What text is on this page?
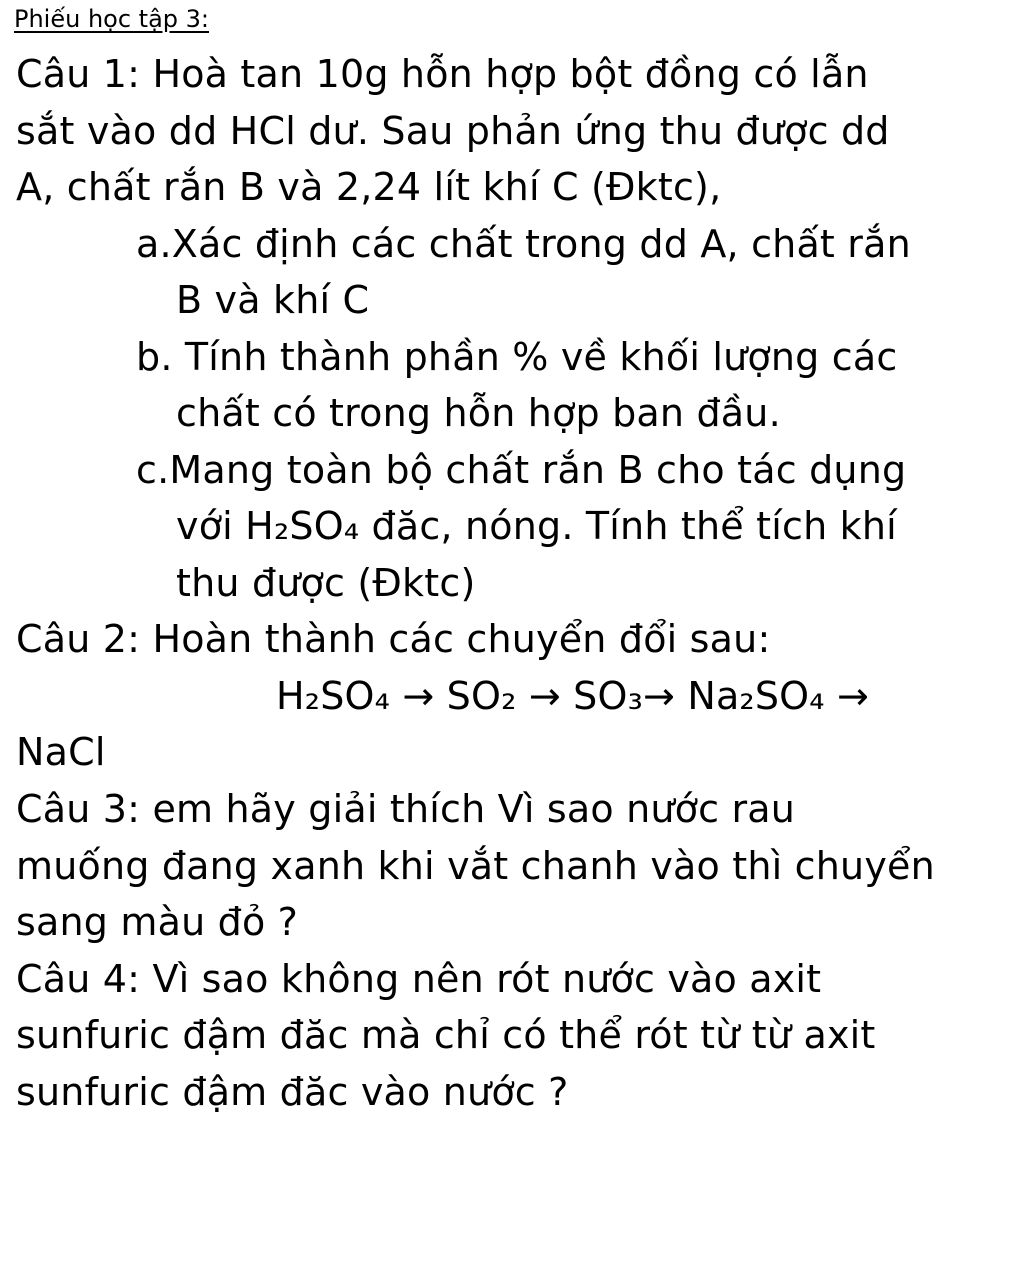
Phiếu học tập 3:
Câu 1: Hoà tan 10g hỗn hợp bột đồng có lẫn
sắt vào dd HCl dư. Sau phản ứng thu được dd
A, chất rắn B và 2,24 lít khí C (Đktc),
a.Xác định các chất trong dd A, chất rắn
B và khí C
b. Tính thành phần % về khối lượng các
chất có trong hỗn hợp ban đầu.
c.Mang toàn bộ chất rắn B cho tác dụng
với H₂SO₄ đăc, nóng. Tính thể tích khí
thu được (Đktc)
Câu 2: Hoàn thành các chuyển đổi sau:
H₂SO₄ → SO₂ → SO₃→ Na₂SO₄ →
NaCl
Câu 3: em hãy giải thích Vì sao nước rau
muống đang xanh khi vắt chanh vào thì chuyển
sang màu đỏ ?
Câu 4: Vì sao không nên rót nước vào axit
sunfuric đậm đăc mà chỉ có thể rót từ từ axit
sunfuric đậm đăc vào nước ?
